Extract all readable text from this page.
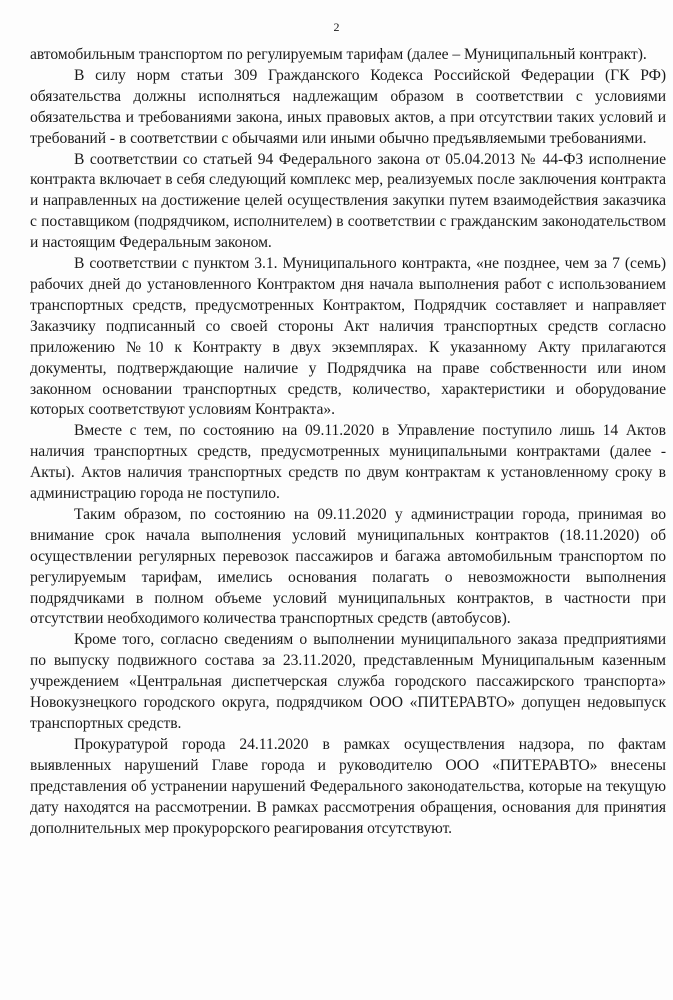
2

автомобильным транспортом по регулируемым тарифам (далее – Муниципальный контракт).

В силу норм статьи 309 Гражданского Кодекса Российской Федерации (ГК РФ) обязательства должны исполняться надлежащим образом в соответствии с условиями обязательства и требованиями закона, иных правовых актов, а при отсутствии таких условий и требований - в соответствии с обычаями или иными обычно предъявляемыми требованиями.

В соответствии со статьей 94 Федерального закона от 05.04.2013 № 44-ФЗ исполнение контракта включает в себя следующий комплекс мер, реализуемых после заключения контракта и направленных на достижение целей осуществления закупки путем взаимодействия заказчика с поставщиком (подрядчиком, исполнителем) в соответствии с гражданским законодательством и настоящим Федеральным законом.

В соответствии с пунктом 3.1. Муниципального контракта, «не позднее, чем за 7 (семь) рабочих дней до установленного Контрактом дня начала выполнения работ с использованием транспортных средств, предусмотренных Контрактом, Подрядчик составляет и направляет Заказчику подписанный со своей стороны Акт наличия транспортных средств согласно приложению №10 к Контракту в двух экземплярах. К указанному Акту прилагаются документы, подтверждающие наличие у Подрядчика на праве собственности или ином законном основании транспортных средств, количество, характеристики и оборудование которых соответствуют условиям Контракта».

Вместе с тем, по состоянию на 09.11.2020 в Управление поступило лишь 14 Актов наличия транспортных средств, предусмотренных муниципальными контрактами (далее - Акты). Актов наличия транспортных средств по двум контрактам к установленному сроку в администрацию города не поступило.

Таким образом, по состоянию на 09.11.2020 у администрации города, принимая во внимание срок начала выполнения условий муниципальных контрактов (18.11.2020) об осуществлении регулярных перевозок пассажиров и багажа автомобильным транспортом по регулируемым тарифам, имелись основания полагать о невозможности выполнения подрядчиками в полном объеме условий муниципальных контрактов, в частности при отсутствии необходимого количества транспортных средств (автобусов).

Кроме того, согласно сведениям о выполнении муниципального заказа предприятиями по выпуску подвижного состава за 23.11.2020, представленным Муниципальным казенным учреждением «Центральная диспетчерская служба городского пассажирского транспорта» Новокузнецкого городского округа, подрядчиком ООО «ПИТЕРАВТО» допущен недовыпуск транспортных средств.

Прокуратурой города 24.11.2020 в рамках осуществления надзора, по фактам выявленных нарушений Главе города и руководителю ООО «ПИТЕРАВТО» внесены представления об устранении нарушений Федерального законодательства, которые на текущую дату находятся на рассмотрении. В рамках рассмотрения обращения, основания для принятия дополнительных мер прокурорского реагирования отсутствуют.
